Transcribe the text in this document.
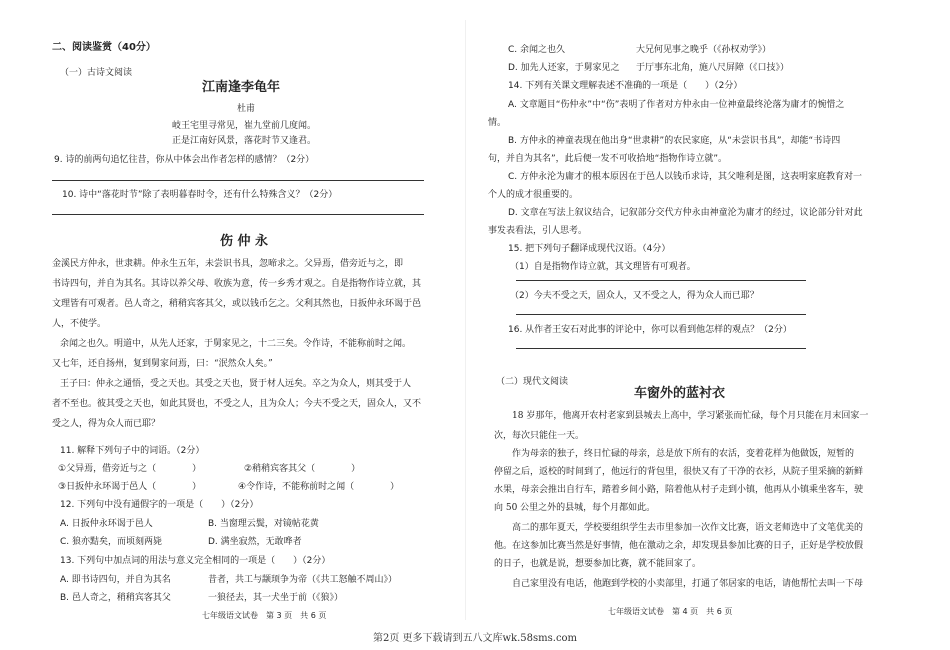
二、阅读鉴赏（40分）
（一）古诗文阅读
江南逢李龟年
杜甫
岐王宅里寻常见，崔九堂前几度闻。
正是江南好风景，落花时节又逢君。
9. 诗的前两句追忆往昔，你从中体会出作者怎样的感情？（2分）
10. 诗中“落花时节”除了表明暮春时令，还有什么特殊含义？（2分）
伤 仲 永
金溪民方仲永，世隶耕。仲永生五年，未尝识书具，忽啼求之。父异焉，借旁近与之，即
书诗四句，并自为其名。其诗以养父母、收族为意，传一乡秀才观之。自是指物作诗立就，其
文理皆有可观者。邑人奇之，稍稍宾客其父，或以钱币乞之。父利其然也，日扳仲永环谒于邑
人，不使学。
余闻之也久。明道中，从先人还家，于舅家见之，十二三矣。令作诗，不能称前时之闻。
又七年，还自扬州，复到舅家问焉，曰：“泯然众人矣。”
王子曰：仲永之通悟，受之天也。其受之天也，贤于材人远矣。卒之为众人，则其受于人
者不至也。彼其受之天也，如此其贤也，不受之人，且为众人；今夫不受之天，固众人，又不
受之人，得为众人而已耶？
11. 解释下列句子中的词语。（2分）
①父异焉，借旁近与之（　　　　）	②稍稍宾客其父（　　　　）
③日扳仲永环谒于邑人（　　　　）	④令作诗，不能称前时之闻（　　　　）
12. 下列句中没有通假字的一项是（　　）（2分）
A. 日扳仲永环谒于邑人	B. 当窗理云鬓，对镜帖花黄
C. 狼亦黠矣，而顷刻两毙	D. 满坐寂然，无敢哗者
13. 下列句中加点词的用法与意义完全相同的一项是（　　）（2分）
A. 即书诗四句，并自为其名	昔者，共工与颛顼争为帝（《共工怒触不周山》）
B. 邑人奇之，稍稍宾客其父	一狼径去，其一犬坐于前（《狼》）
七年级语文试卷　第 3 页　共 6 页
C. 余闻之也久	大兄何见事之晚乎（《孙权劝学》）
D. 加先人还家，于舅家见之 于厅事东北角，施八尺屏障（《口技》）
14. 下列有关课文理解表述不准确的一项是（　　）（2分）
A. 文章题目“伤仲永”中“伤”表明了作者对方仲永由一位神童最终沦落为庸才的惋惜之
情。
B. 方仲永的神童表现在他出身“世隶耕”的农民家庭，从“未尝识书具”，却能“书诗四
句，并自为其名”，此后便一发不可收拾地“指物作诗立就”。
C. 方仲永沦为庸才的根本原因在于邑人以钱币求诗，其父唯利是图，这表明家庭教育对一
个人的成才很重要的。
D. 文章在写法上叙议结合，记叙部分交代方仲永由神童沦为庸才的经过，议论部分针对此
事发表看法，引人思考。
15. 把下列句子翻译成现代汉语。（4分）
（1）自是指物作诗立就，其文理皆有可观者。
（2）今夫不受之天，固众人，又不受之人，得为众人而已耶？
16. 从作者王安石对此事的评论中，你可以看到他怎样的观点？（2分）
（二）现代文阅读
车窗外的蓝衬衣
18 岁那年，他离开农村老家到县城去上高中，学习紧张而忙碌，每个月只能在月末回家一
次，每次只能住一天。
作为母亲的独子，终日忙碌的母亲，总是放下所有的农活，变着花样为他做饭，短暂的
停留之后，返校的时间到了，他远行的背包里，很快又有了干净的衣衫，从院子里采摘的新鲜
水果，母亲会推出自行车，踏着乡间小路，陪着他从村子走到小镇，他再从小镇乘坐客车，驶
向 50 公里之外的县城，每个月都如此。
高二的那年夏天，学校要组织学生去市里参加一次作文比赛，语文老师选中了文笔优美的
他。在这参加比赛当然是好事情，他在激动之余，却发现县参加比赛的日子，正好是学校放假
的日子，也就是说，想要参加比赛，就不能回家了。
自己家里没有电话，他跑到学校的小卖部里，打通了邻居家的电话，请他帮忙去叫一下母
七年级语文试卷　第 4 页　共 6 页
第2页 更多下载请到五八文库wk.58sms.com
